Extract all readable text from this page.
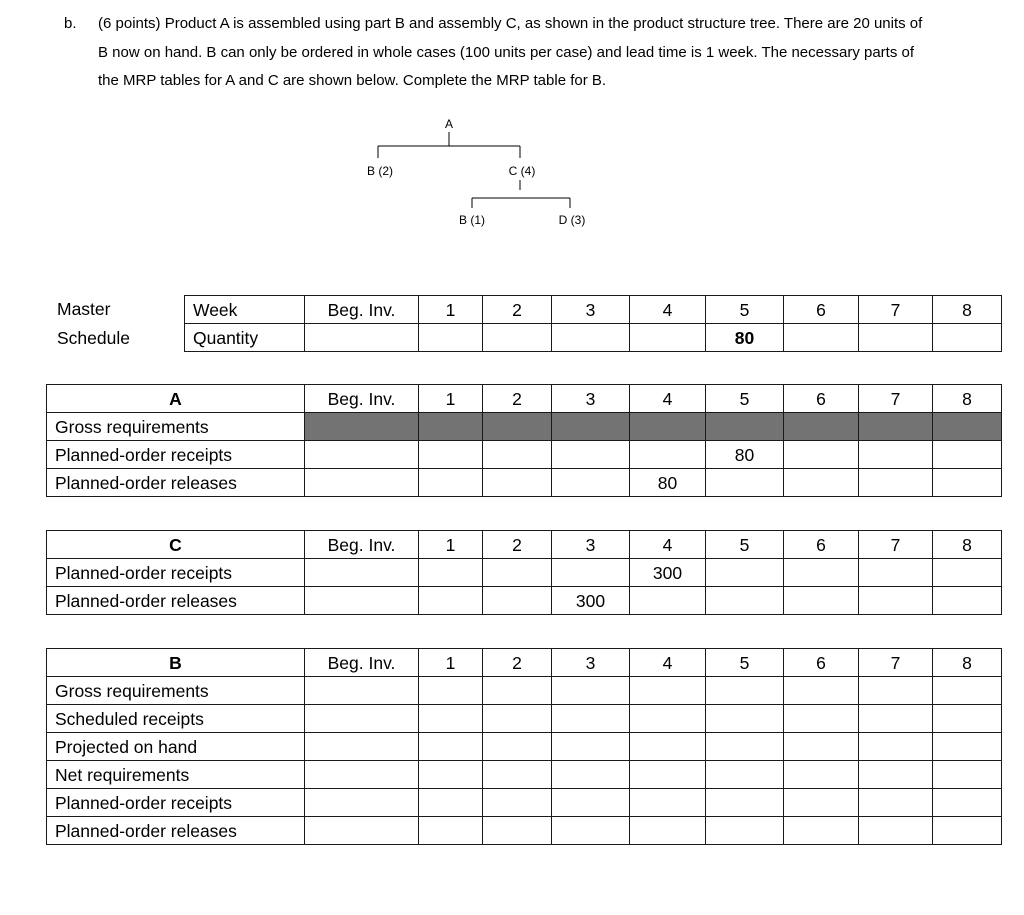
b. (6 points) Product A is assembled using part B and assembly C, as shown in the product structure tree. There are 20 units of B now on hand. B can only be ordered in whole cases (100 units per case) and lead time is 1 week. The necessary parts of the MRP tables for A and C are shown below. Complete the MRP table for B.
A
B (2)	C (4)
B (1)	D (3)
Master
Schedule
Week	Beg. Inv.	1	2	3	4	5	6	7	8
Quantity						80			
A	Beg. Inv.	1	2	3	4	5	6	7	8
Gross requirements									
Planned-order receipts						80			
Planned-order releases					80				
C	Beg. Inv.	1	2	3	4	5	6	7	8
Planned-order receipts					300				
Planned-order releases				300					
B	Beg. Inv.	1	2	3	4	5	6	7	8
Gross requirements									
Scheduled receipts									
Projected on hand									
Net requirements									
Planned-order receipts									
Planned-order releases									
